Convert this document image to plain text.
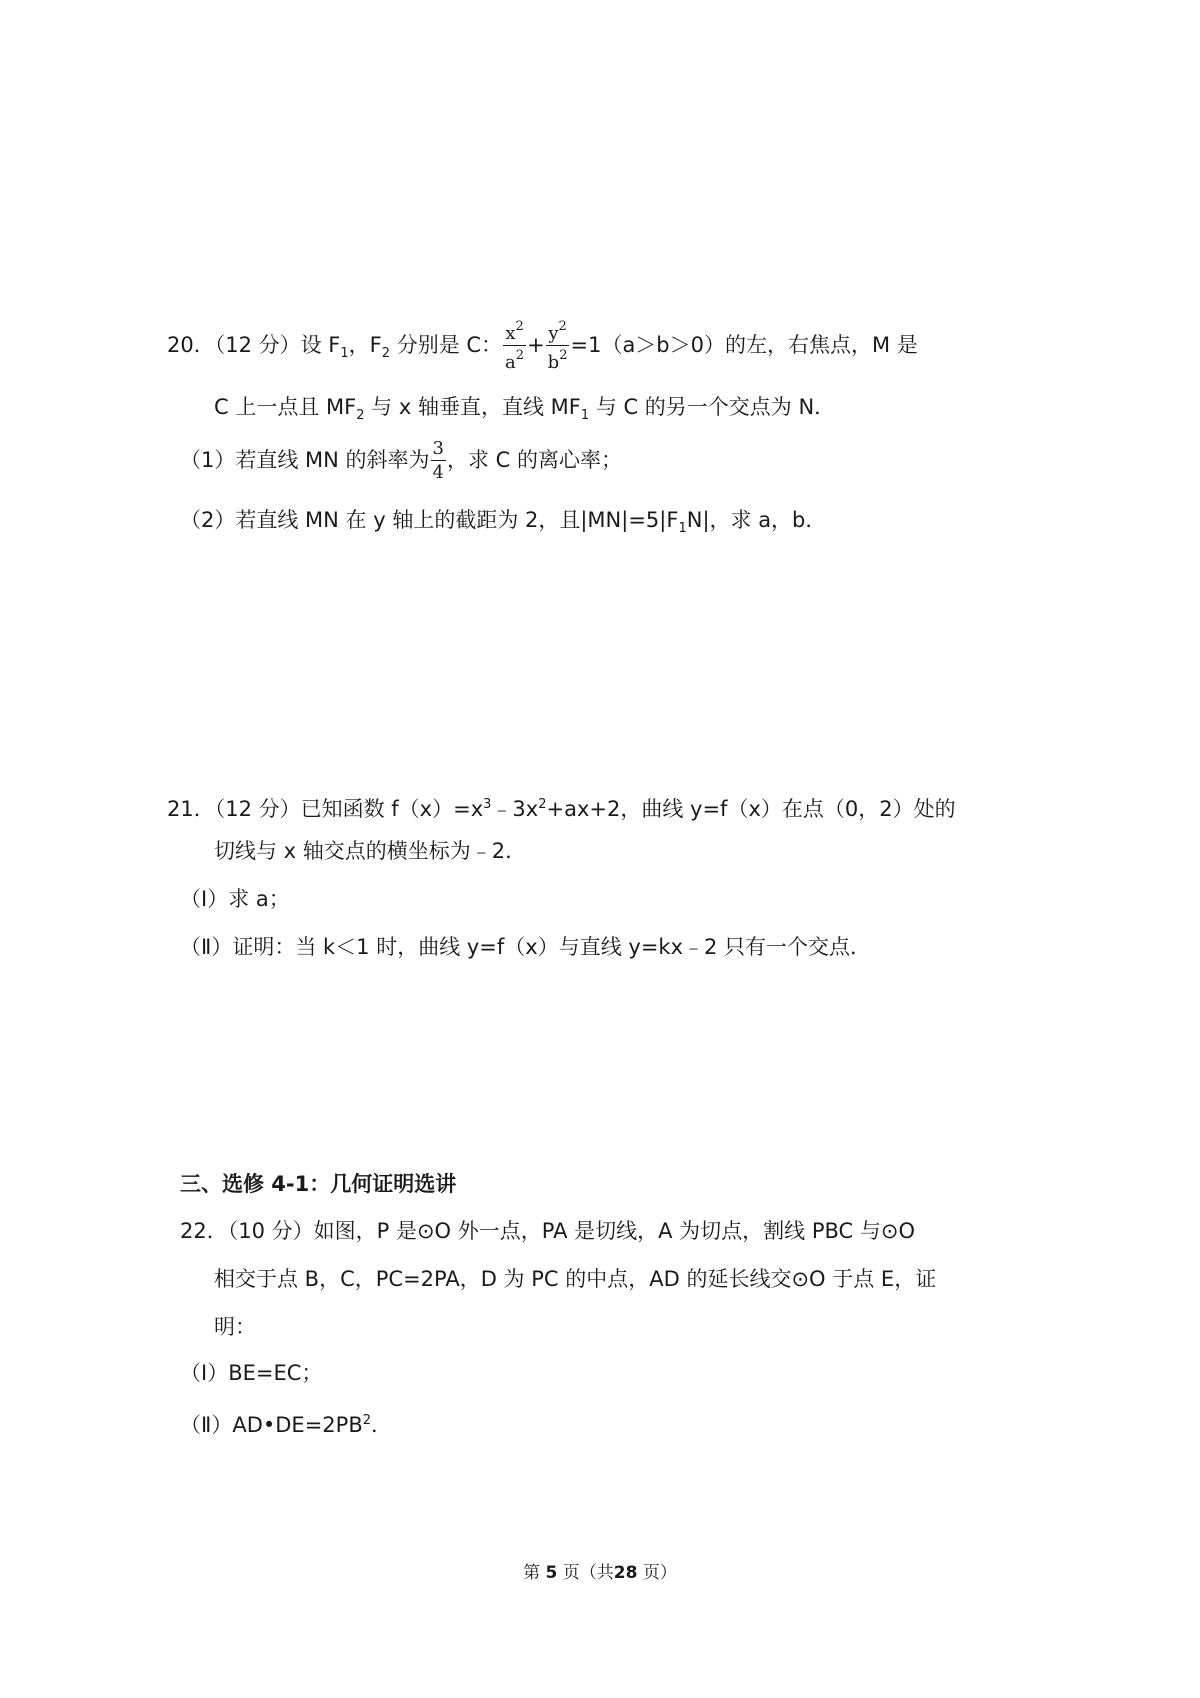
20．（12 分）设 $F_1$，$F_2$ 分别是 C： $\frac{x^2}{a^2} + \frac{y^2}{b^2} =1(a>b>0)$的左，右焦点，M 是
C 上一点且 $MF_2$ 与 x 轴垂直，直线 $MF_1$ 与 C 的另一个交点为 N．
（1）若直线 MN 的斜率为 $\frac{3}{4}$ ，求 C 的离心率；
（2）若直线 MN 在 y 轴上的截距为 2，且$|MN|=5|F_1N|$，求 a，b．
21．（12 分）已知函数 $f(x)=x^3﹣3x^2+ax+2$，曲线 y=f（x）在点（0，2）处的
切线与 x 轴交点的横坐标为﹣2．
（Ⅰ）求 a；
（Ⅱ）证明：当 k＜1 时，曲线 y=f（x）与直线 y=kx﹣2 只有一个交点．
三、选修 4-1：几何证明选讲
22．（10 分）如图，P 是⊙O 外一点，PA 是切线，A 为切点，割线 PBC 与⊙O
相交于点 B，C，PC=2PA，D 为 PC 的中点，AD 的延长线交⊙O 于点 E，证
明：
（Ⅰ）BE=EC；
$(Ⅱ)AD•DE=2PB^2$．
第 5 页（共28 页）
